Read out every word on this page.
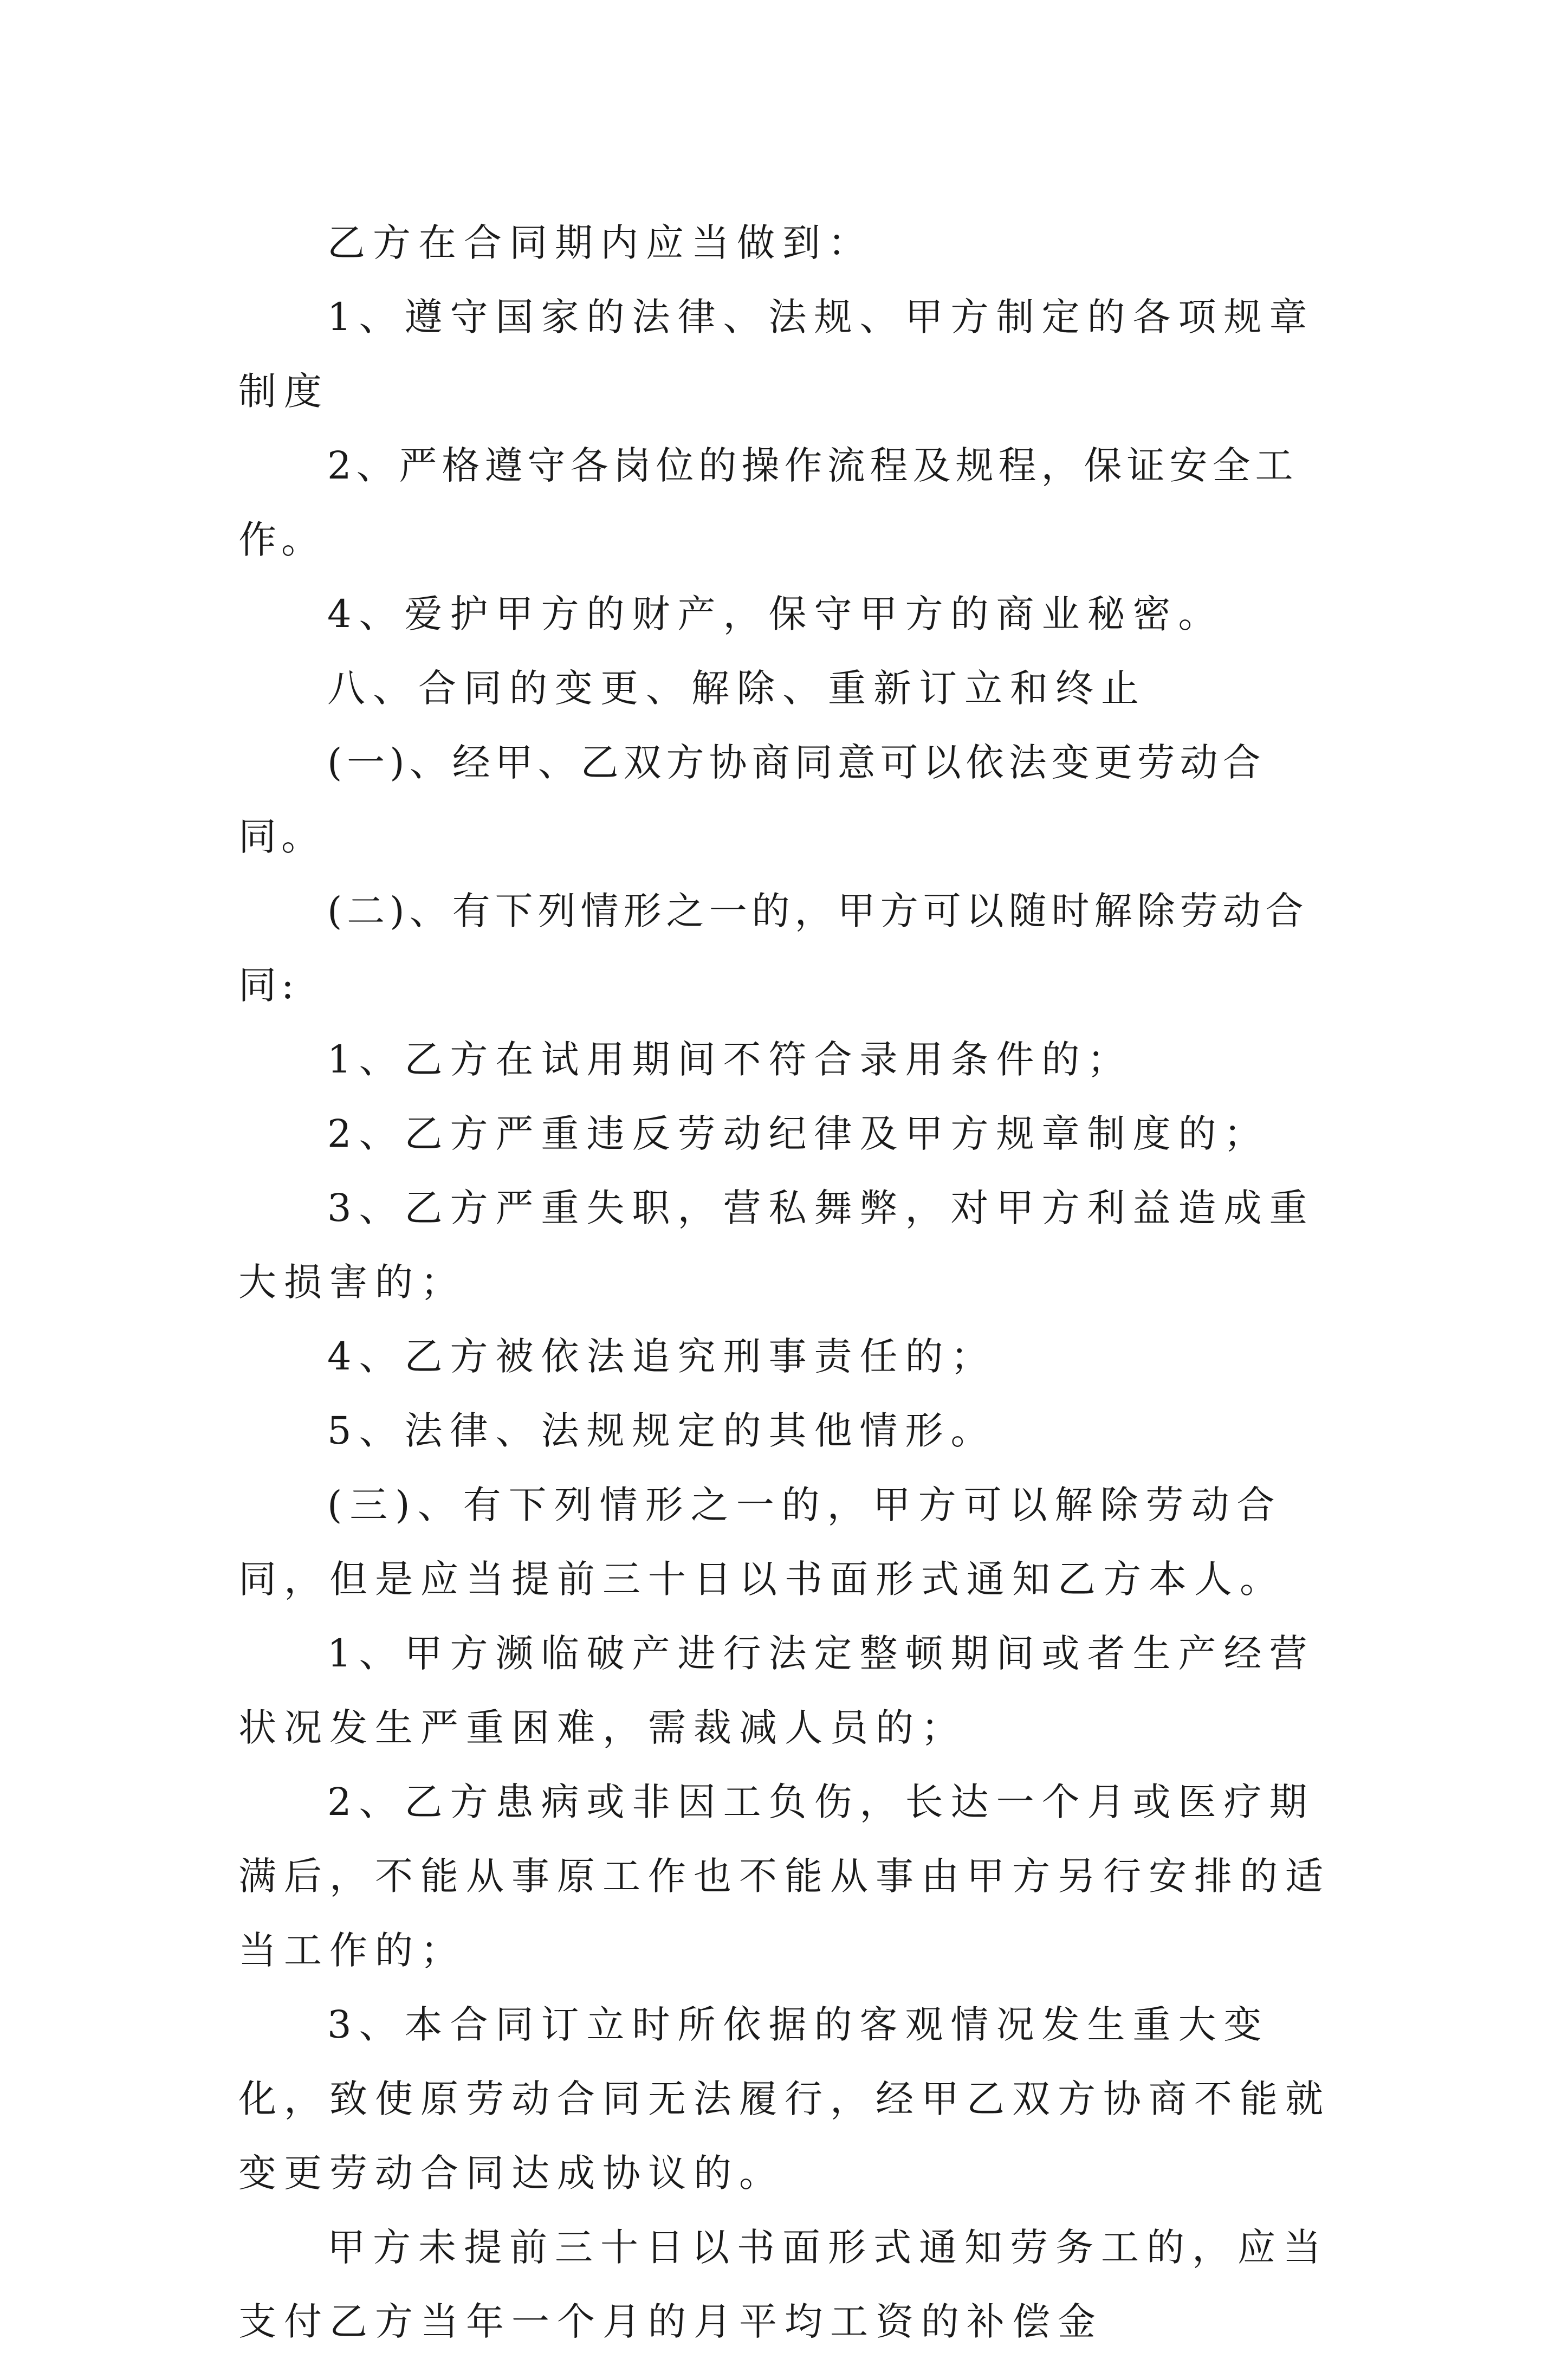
乙方在合同期内应当做到：

1、遵守国家的法律、法规、甲方制定的各项规章制度

2、严格遵守各岗位的操作流程及规程，保证安全工作。

4、爱护甲方的财产，保守甲方的商业秘密。

八、合同的变更、解除、重新订立和终止

(一)、经甲、乙双方协商同意可以依法变更劳动合同。

(二)、有下列情形之一的，甲方可以随时解除劳动合同:

1、乙方在试用期间不符合录用条件的；

2、乙方严重违反劳动纪律及甲方规章制度的；

3、乙方严重失职，营私舞弊，对甲方利益造成重大损害的；

4、乙方被依法追究刑事责任的；

5、法律、法规规定的其他情形。

(三)、有下列情形之一的，甲方可以解除劳动合同，但是应当提前三十日以书面形式通知乙方本人。

1、甲方濒临破产进行法定整顿期间或者生产经营状况发生严重困难，需裁减人员的；

2、乙方患病或非因工负伤，长达一个月或医疗期满后，不能从事原工作也不能从事由甲方另行安排的适当工作的；

3、本合同订立时所依据的客观情况发生重大变化，致使原劳动合同无法履行，经甲乙双方协商不能就变更劳动合同达成协议的。

甲方未提前三十日以书面形式通知劳务工的，应当支付乙方当年一个月的月平均工资的补偿金
